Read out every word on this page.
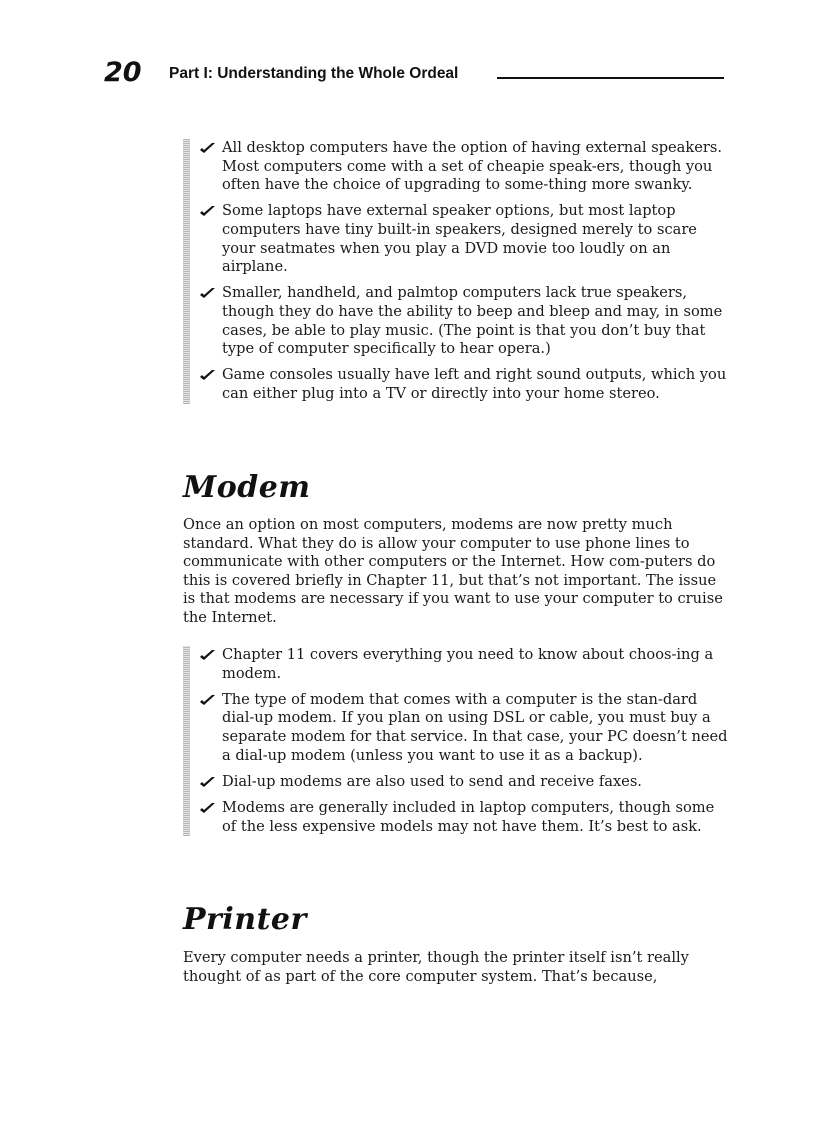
20 Part I: Understanding the Whole Ordeal
All desktop computers have the option of having external speakers. Most computers come with a set of cheapie speak-ers, though you often have the choice of upgrading to some-thing more swanky.
Some laptops have external speaker options, but most laptop computers have tiny built-in speakers, designed merely to scare your seatmates when you play a DVD movie too loudly on an airplane.
Smaller, handheld, and palmtop computers lack true speakers, though they do have the ability to beep and bleep and may, in some cases, be able to play music. (The point is that you don’t buy that type of computer specifically to hear opera.)
Game consoles usually have left and right sound outputs, which you can either plug into a TV or directly into your home stereo.
Modem

Once an option on most computers, modems are now pretty much standard. What they do is allow your computer to use phone lines to communicate with other computers or the Internet. How com-puters do this is covered briefly in Chapter 11, but that’s not important. The issue is that modems are necessary if you want to use your computer to cruise the Internet.

Chapter 11 covers everything you need to know about choos-ing a modem.
The type of modem that comes with a computer is the stan-dard dial-up modem. If you plan on using DSL or cable, you must buy a separate modem for that service. In that case, your PC doesn’t need a dial-up modem (unless you want to use it as a backup).
Dial-up modems are also used to send and receive faxes.
Modems are generally included in laptop computers, though some of the less expensive models may not have them. It’s best to ask.
Printer

Every computer needs a printer, though the printer itself isn’t really thought of as part of the core computer system. That’s because,
